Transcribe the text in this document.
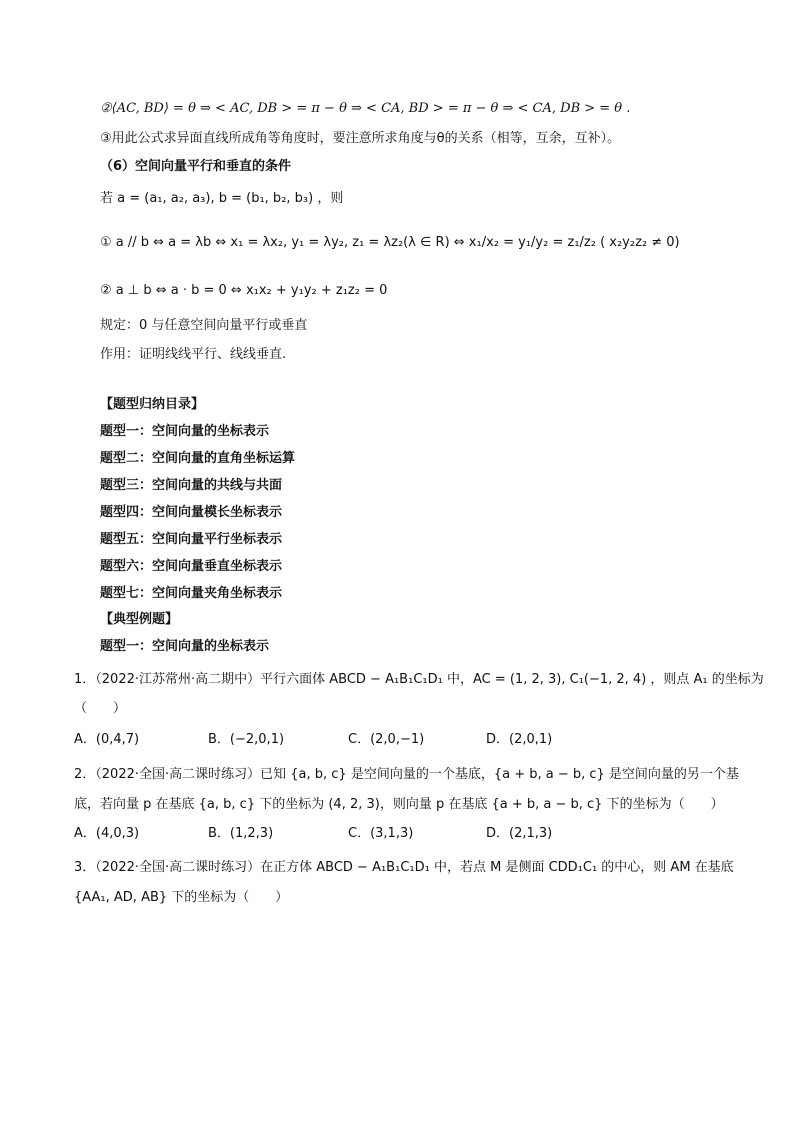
②⟨AC, BD⟩ = θ ⇒ < AC, DB > = π − θ ⇒ < CA, BD > = π − θ ⇒ < CA, DB > = θ .
③用此公式求异面直线所成角等角度时，要注意所求角度与θ的关系（相等，互余，互补）。
（6）空间向量平行和垂直的条件
若 a = (a₁, a₂, a₃), b = (b₁, b₂, b₃) ，则
① a // b ⇔ a = λb ⇔ x₁ = λx₂, y₁ = λy₂, z₁ = λz₂(λ ∈ R) ⇔ x₁/x₂ = y₁/y₂ = z₁/z₂ ( x₂y₂z₂ ≠ 0)
② a ⊥ b ⇔ a · b = 0 ⇔ x₁x₂ + y₁y₂ + z₁z₂ = 0
规定：0 与任意空间向量平行或垂直
作用：证明线线平行、线线垂直.
【题型归纳目录】
题型一：空间向量的坐标表示
题型二：空间向量的直角坐标运算
题型三：空间向量的共线与共面
题型四：空间向量模长坐标表示
题型五：空间向量平行坐标表示
题型六：空间向量垂直坐标表示
题型七：空间向量夹角坐标表示
【典型例题】
题型一：空间向量的坐标表示
1．（2022·江苏常州·高二期中）平行六面体 ABCD − A₁B₁C₁D₁ 中，AC = (1, 2, 3), C₁(−1, 2, 4) ，则点 A₁ 的坐标为
（　　）
A．(0,4,7)	B．(−2,0,1)	C．(2,0,−1)	D．(2,0,1)
2．（2022·全国·高二课时练习）已知 {a, b, c} 是空间向量的一个基底，{a + b, a − b, c} 是空间向量的另一个基
底，若向量 p 在基底 {a, b, c} 下的坐标为 (4, 2, 3)，则向量 p 在基底 {a + b, a − b, c} 下的坐标为（　　）
A．(4,0,3)	B．(1,2,3)	C．(3,1,3)	D．(2,1,3)
3．（2022·全国·高二课时练习）在正方体 ABCD − A₁B₁C₁D₁ 中，若点 M 是侧面 CDD₁C₁ 的中心，则 AM 在基底
{AA₁, AD, AB} 下的坐标为（　　）
